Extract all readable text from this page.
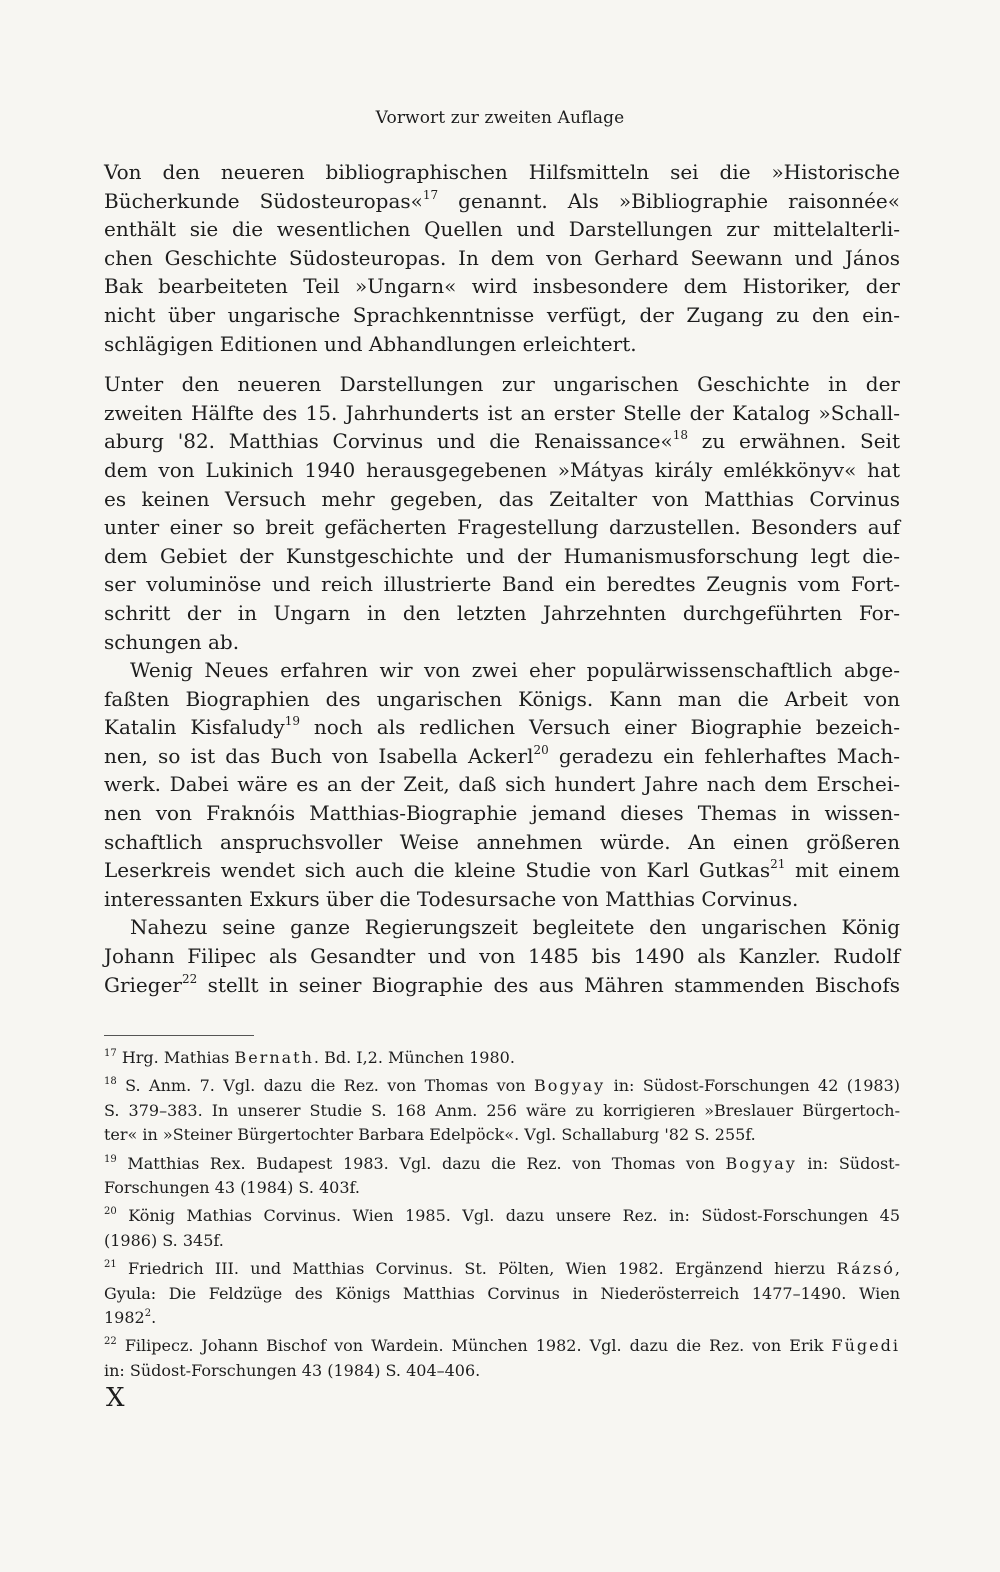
Vorwort zur zweiten Auflage
Von den neueren bibliographischen Hilfsmitteln sei die »Historische
Bücherkunde Südosteuropas«$^{17}$ genannt. Als »Bibliographie raisonnée«
enthält sie die wesentlichen Quellen und Darstellungen zur mittelalterli-
chen Geschichte Südosteuropas. In dem von Gerhard Seewann und János
Bak bearbeiteten Teil »Ungarn« wird insbesondere dem Historiker, der
nicht über ungarische Sprachkenntnisse verfügt, der Zugang zu den ein-
schlägigen Editionen und Abhandlungen erleichtert.
Unter den neueren Darstellungen zur ungarischen Geschichte in der
zweiten Hälfte des 15. Jahrhunderts ist an erster Stelle der Katalog »Schall-
aburg '82. Matthias Corvinus und die Renaissance«$^{18}$ zu erwähnen. Seit
dem von Lukinich 1940 herausgegebenen »Mátyas király emlékkönyv« hat
es keinen Versuch mehr gegeben, das Zeitalter von Matthias Corvinus
unter einer so breit gefächerten Fragestellung darzustellen. Besonders auf
dem Gebiet der Kunstgeschichte und der Humanismusforschung legt die-
ser voluminöse und reich illustrierte Band ein beredtes Zeugnis vom Fort-
schritt der in Ungarn in den letzten Jahrzehnten durchgeführten For-
schungen ab.
Wenig Neues erfahren wir von zwei eher populärwissenschaftlich abge-
faßten Biographien des ungarischen Königs. Kann man die Arbeit von
Katalin Kisfaludy$^{19}$ noch als redlichen Versuch einer Biographie bezeich-
nen, so ist das Buch von Isabella Ackerl$^{20}$ geradezu ein fehlerhaftes Mach-
werk. Dabei wäre es an der Zeit, daß sich hundert Jahre nach dem Erschei-
nen von Fraknóis Matthias-Biographie jemand dieses Themas in wissen-
schaftlich anspruchsvoller Weise annehmen würde. An einen größeren
Leserkreis wendet sich auch die kleine Studie von Karl Gutkas$^{21}$ mit einem
interessanten Exkurs über die Todesursache von Matthias Corvinus.
Nahezu seine ganze Regierungszeit begleitete den ungarischen König
Johann Filipec als Gesandter und von 1485 bis 1490 als Kanzler. Rudolf
Grieger$^{22}$ stellt in seiner Biographie des aus Mähren stammenden Bischofs
$^{17}$ Hrg. Mathias Bernath. Bd. I,2. München 1980.
$^{18}$ S. Anm. 7. Vgl. dazu die Rez. von Thomas von Bogyay in: Südost-Forschungen 42 (1983)
S. 379–383. In unserer Studie S. 168 Anm. 256 wäre zu korrigieren »Breslauer Bürgertoch-
ter« in »Steiner Bürgertochter Barbara Edelpöck«. Vgl. Schallaburg '82 S. 255f.
$^{19}$ Matthias Rex. Budapest 1983. Vgl. dazu die Rez. von Thomas von Bogyay in: Südost-
Forschungen 43 (1984) S. 403f.
$^{20}$ König Mathias Corvinus. Wien 1985. Vgl. dazu unsere Rez. in: Südost-Forschungen 45
(1986) S. 345f.
$^{21}$ Friedrich III. und Matthias Corvinus. St. Pölten, Wien 1982. Ergänzend hierzu Rázsó,
Gyula: Die Feldzüge des Königs Matthias Corvinus in Niederösterreich 1477–1490. Wien
1982$^2$.
$^{22}$ Filipecz. Johann Bischof von Wardein. München 1982. Vgl. dazu die Rez. von Erik Fügedi
in: Südost-Forschungen 43 (1984) S. 404–406.
X
